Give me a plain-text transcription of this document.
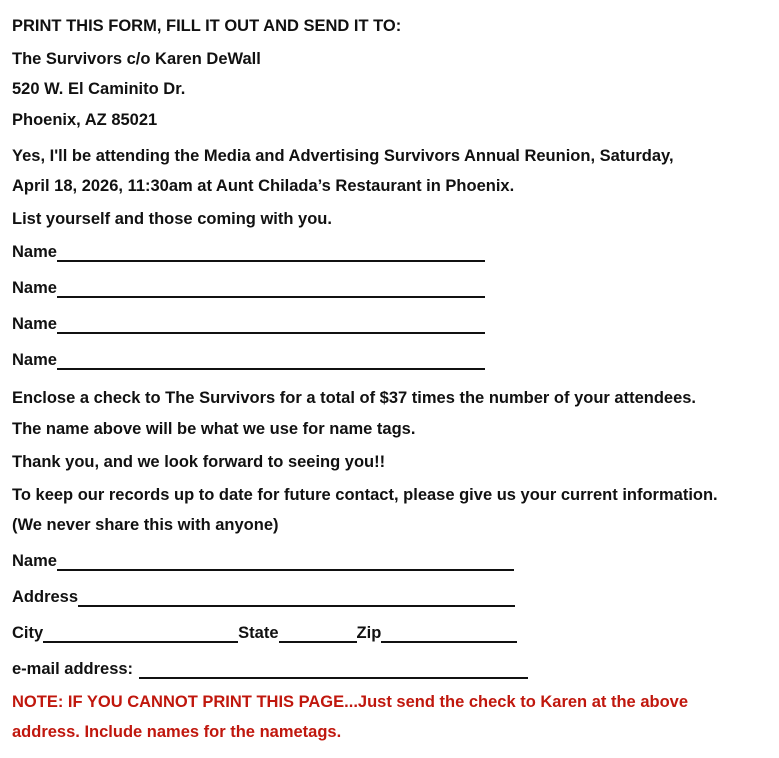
PRINT THIS FORM, FILL IT OUT AND SEND IT TO:
The Survivors c/o Karen DeWall
520 W. El Caminito Dr.
Phoenix, AZ 85021
Yes, I'll be attending the Media and Advertising Survivors Annual Reunion, Saturday,
April 18, 2026, 11:30am at Aunt Chilada’s Restaurant in Phoenix.
List yourself and those coming with you.
Name
Name
Name
Name
Enclose a check to The Survivors for a total of $37 times the number of your attendees.
The name above will be what we use for name tags.
Thank you, and we look forward to seeing you!!
To keep our records up to date for future contact, please give us your current information.
(We never share this with anyone)
Name
Address
City	State	Zip
e-mail address:
NOTE: IF YOU CANNOT PRINT THIS PAGE...Just send the check to Karen at the above
address. Include names for the nametags.
